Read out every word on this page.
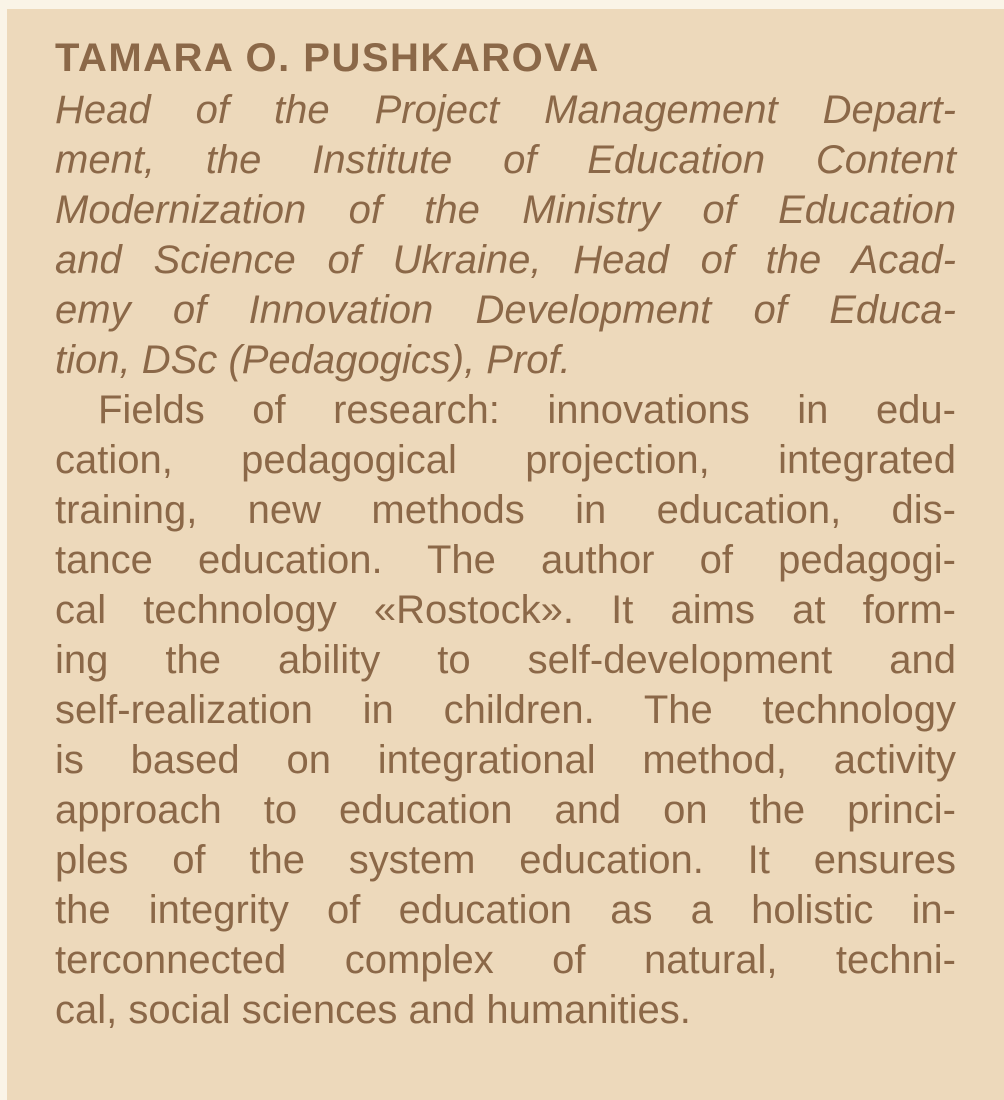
TAMARA O. PUSHKAROVA
Head of the Project Management Depart-
ment, the Institute of Education Content
Modernization of the Ministry of Education
and Science of Ukraine, Head of the Acad-
emy of Innovation Development of Educa-
tion, DSc (Pedagogics), Prof.
Fields of research: innovations in edu-
cation, pedagogical projection, integrated
training, new methods in education, dis-
tance education. The author of pedagogi-
cal technology «Rostock». It aims at form-
ing the ability to self-development and
self-realization in children. The technology
is based on integrational method, activity
approach to education and on the princi-
ples of the system education. It ensures
the integrity of education as a holistic in-
terconnected complex of natural, techni-
cal, social sciences and humanities.
